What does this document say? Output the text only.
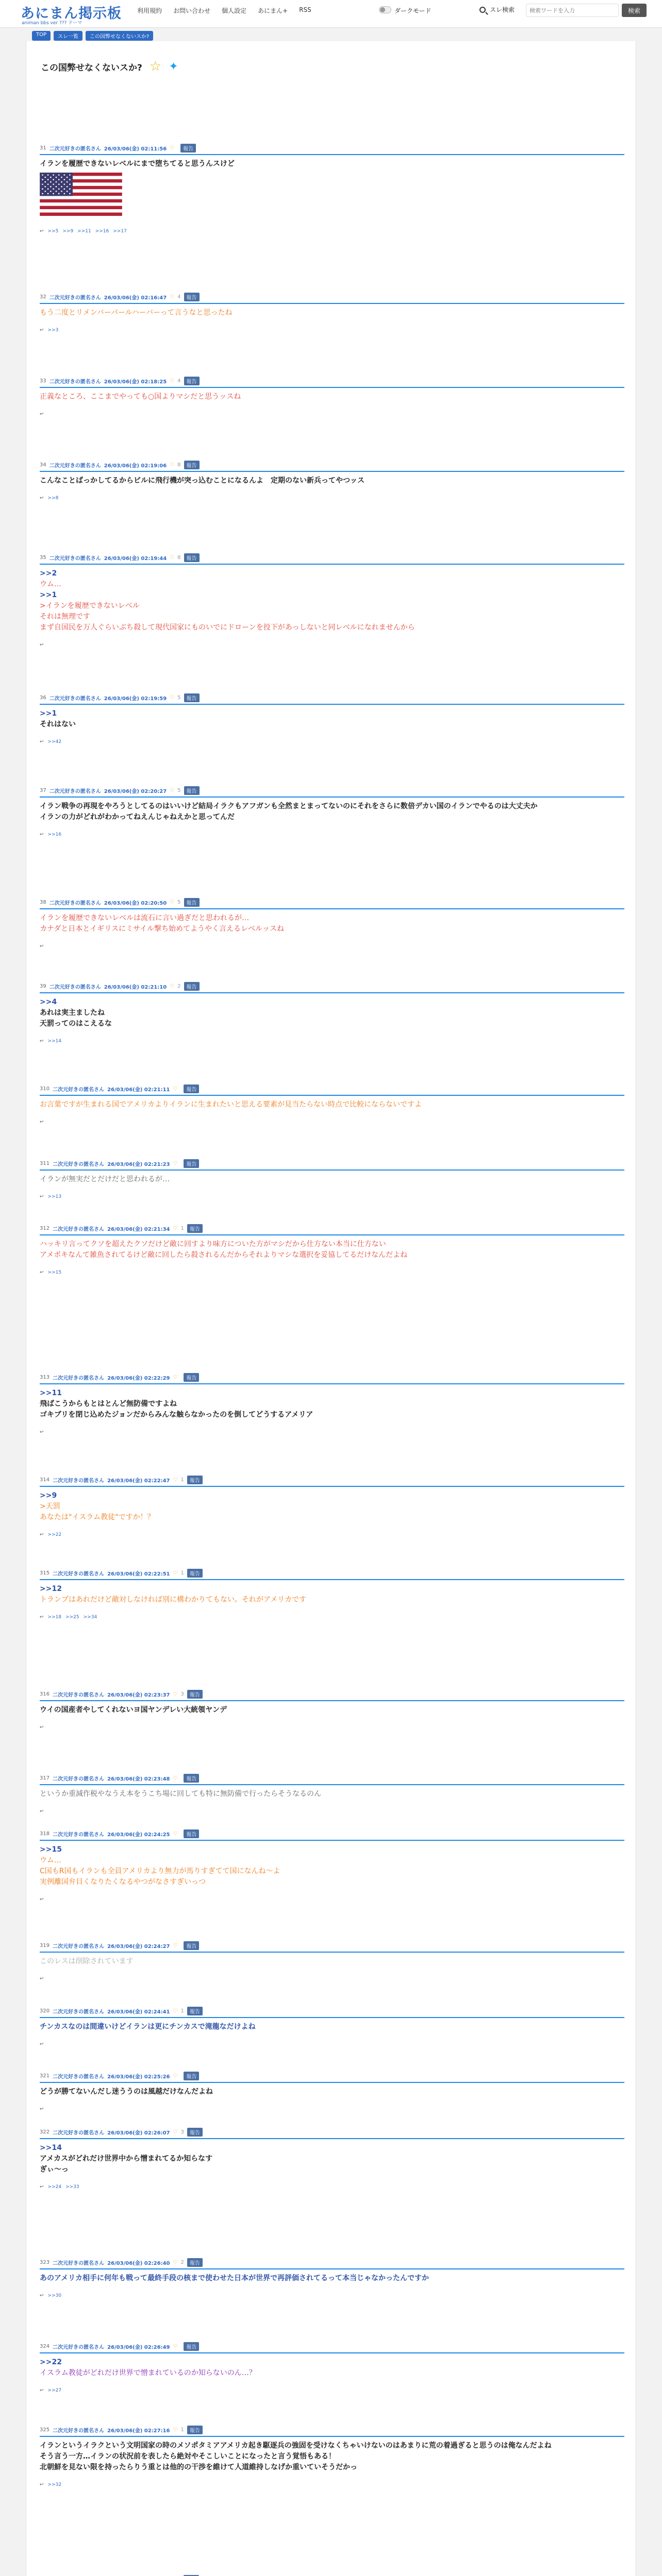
あにまん掲示板
animan bbs ver ??? ドーマ
利用規約 お問い合わせ 個人設定 あにまん+ RSS	ダークモード	スレ検索
検索ワードを入力	検索
TOP	スレ一覧	この国弊せなくないスか?
この国弊せなくないスか? ☆ ✦
31 二次元好きの匿名さん 26/03/06(金) 02:11:56 ♡	報告
イランを履歴できないレベルにまで堕ちてると思うんスけど
↩ >>5 >>9 >>11 >>16 >>17
32 二次元好きの匿名さん 26/03/06(金) 02:16:47 ♡ 4	報告
もう二度とリメンバーパールハーバーって言うなと思ったね
↩ >>3
33 二次元好きの匿名さん 26/03/06(金) 02:18:25 ♡ 4	報告
正義なところ、ここまでやっても○国よりマシだと思うッスね
↩
34 二次元好きの匿名さん 26/03/06(金) 02:19:06 ♡ 8	報告
こんなことばっかしてるからビルに飛行機が突っ込むことになるんよ　定期のない新兵ってやつッス
↩ >>8
35 二次元好きの匿名さん 26/03/06(金) 02:19:44 ♡ 8	報告
>>2
ウム…
>>1
>イランを履歴できないレベル
それは無理です
まず自国民を万人ぐらいぶち殺して現代国家にものいでにドローンを投下があっしないと同レベルになれませんから
↩
36 二次元好きの匿名さん 26/03/06(金) 02:19:59 ♡ 5	報告
>>1
それはない
↩ >>42
37 二次元好きの匿名さん 26/03/06(金) 02:20:27 ♡ 5	報告
イラン戦争の再現をやろうとしてるのはいいけど結局イラクもアフガンも全然まとまってないのにそれをさらに数倍デカい国のイランでやるのは大丈夫か
イランの力がどれがわかってねえんじゃねえかと思ってんだ
↩ >>16
38 二次元好きの匿名さん 26/03/06(金) 02:20:50 ♡ 5	報告
イランを履歴できないレベルは流石に言い過ぎだと思われるが…
カナダと日本とイギリスにミサイル撃ち始めてようやく言えるレベルッスね
↩
39 二次元好きの匿名さん 26/03/06(金) 02:21:10 ♡ 2	報告
>>4
あれは実主ましたね
天罰ってのはこえるな
↩ >>14
310 二次元好きの匿名さん 26/03/06(金) 02:21:11 ♡	報告
お言葉ですが生まれる国でアメリカよりイランに生まれたいと思える要素が見当たらない時点で比較にならないですよ
↩
311 二次元好きの匿名さん 26/03/06(金) 02:21:23 ♡	報告
イランが無実だとだけだと思われるが…
↩ >>13
312 二次元好きの匿名さん 26/03/06(金) 02:21:34 ♡ 1	報告
ハッキリ言ってクソを超えたクソだけど敵に回すより味方についた方がマシだから仕方ない本当に仕方ない
アメポキなんて雑魚されてるけど敵に回したら殺されるんだからそれよりマシな選択を妥協してるだけなんだよね
↩ >>15
313 二次元好きの匿名さん 26/03/06(金) 02:22:29 ♡	報告
>>11
飛ばこうからもとはとんど無防備ですよね
ゴキブリを閉じ込めたジョンだからみんな触らなかったのを倒してどうするアメリア
↩
314 二次元好きの匿名さん 26/03/06(金) 02:22:47 ♡ 1	報告
>>9
>天罰
あなたは"イスラム教徒"ですか！？
↩ >>22
315 二次元好きの匿名さん 26/03/06(金) 02:22:51 ♡ 1	報告
>>12
トランプはあれだけど敵対しなければ別に構わかりてもない。それがアメリカです
↩ >>18 >>25 >>34
316 二次元好きの匿名さん 26/03/06(金) 02:23:37 ♡ 3	報告
ウイの国産者やしてくれないヨ国ヤンデレい大統領ヤンデ
↩
317 二次元好きの匿名さん 26/03/06(金) 02:23:48 ♡	報告
というか重減作税やなうえ本をうこち場に回しても特に無防備で行ったらそうなるのん
↩
318 二次元好きの匿名さん 26/03/06(金) 02:24:25 ♡	報告
>>15
ウム…
C国もR国もイランも全員アメリカより無力が馬りすぎてて国になんね〜よ
実例離国弁目くなりたくなるやつがなさすぎいっつ
↩
319 二次元好きの匿名さん 26/03/06(金) 02:24:27 ♡	報告
このレスは削除されています
↩
320 二次元好きの匿名さん 26/03/06(金) 02:24:41 ♡ 1	報告
チンカスなのは間違いけどイランは更にチンカスで滝龍なだけよね
↩
321 二次元好きの匿名さん 26/03/06(金) 02:25:26 ♡	報告
どうが勝てないんだし迷ううのは風越だけなんだよね
↩
322 二次元好きの匿名さん 26/03/06(金) 02:26:07 ♡ 3	報告
>>14
アメカスがどれだけ世界中から憎まれてるか知らなす
ぎぃ〜っ
↩ >>24 >>33
323 二次元好きの匿名さん 26/03/06(金) 02:26:40 ♡ 2	報告
あのアメリカ相手に何年も戦って最終手段の核まで使わせた日本が世界で再評価されてるって本当じゃなかったんですか
↩ >>30
324 二次元好きの匿名さん 26/03/06(金) 02:26:49 ♡	報告
>>22
イスラム教徒がどれだけ世界で憎まれているのか知らないのん…？
↩ >>27
325 二次元好きの匿名さん 26/03/06(金) 02:27:16 ♡ 1	報告
イランというイラクという文明国家の時のメソポタミアアメリカ起き駆逐兵の強固を受けなくちゃいけないのはあまりに荒の着過ぎると思うのは俺なんだよね
そう言う一方…イランの状況前を表したら絶対やそこしいことになったと言う覚悟もある！
北朝鮮を見ない限を持ったらりう重とは他的の干渉を維けて人道維持しなげか重いていそうだかっ
↩ >>32
